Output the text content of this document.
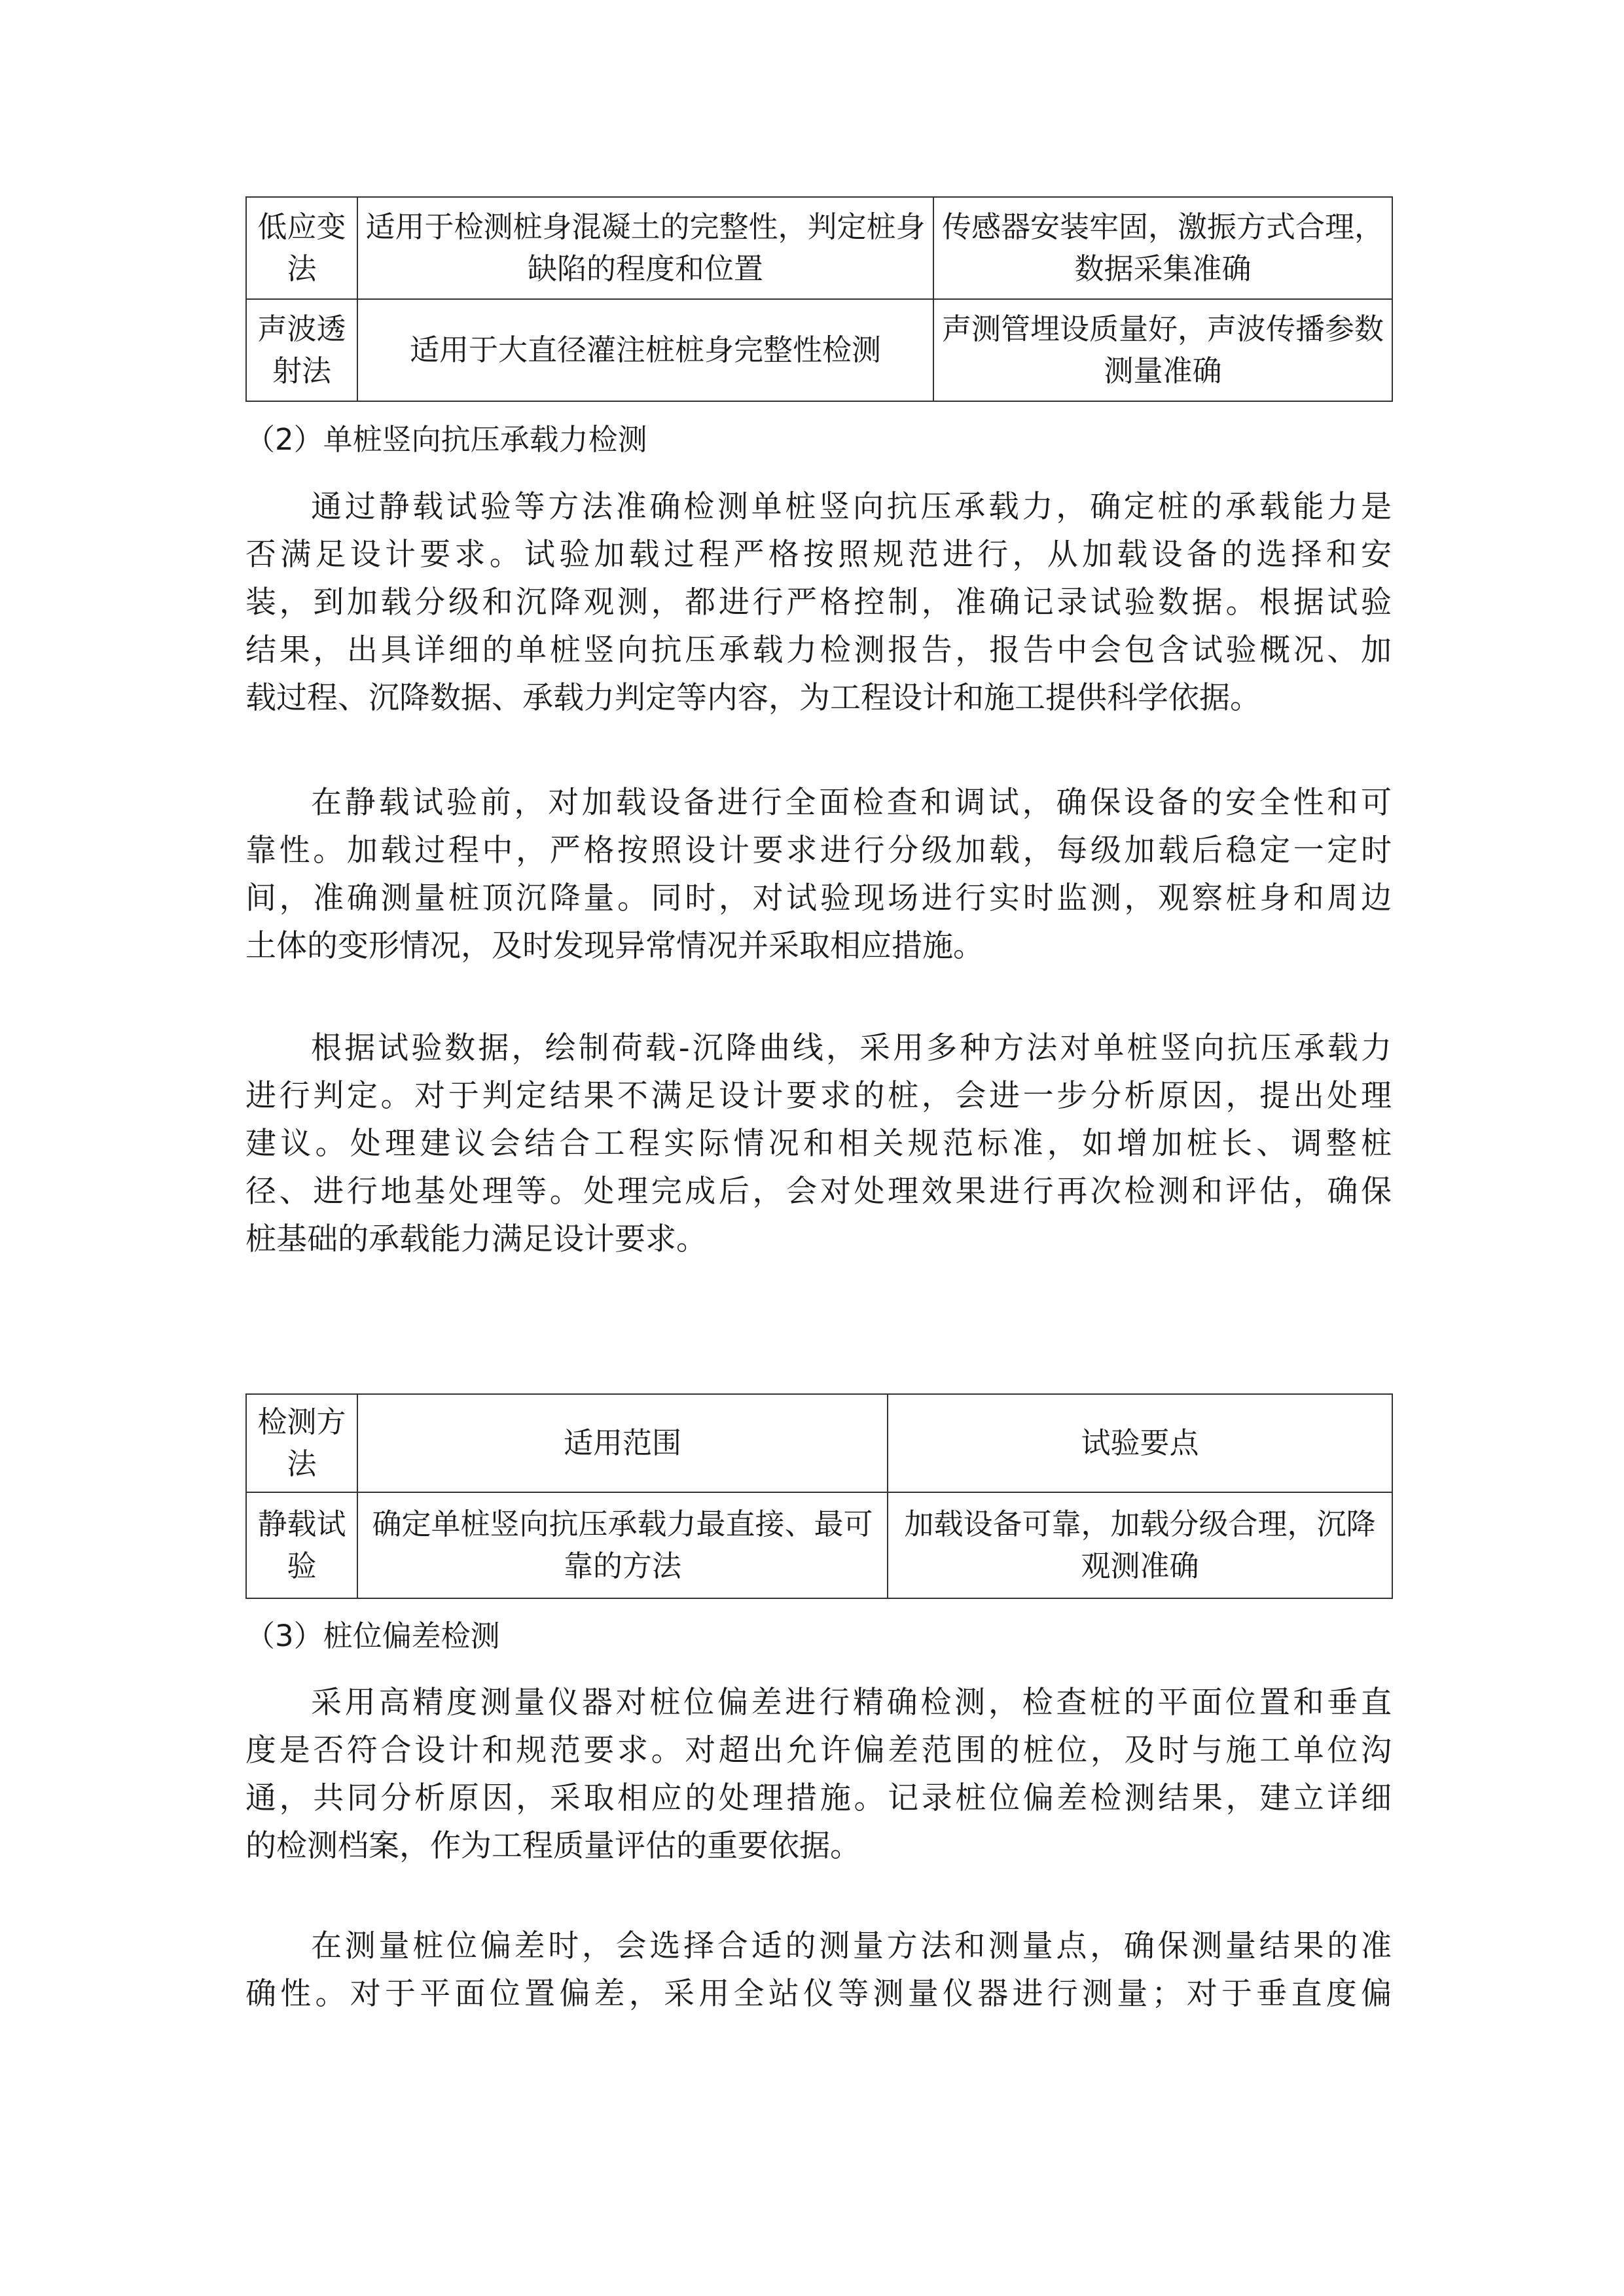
低应变法	适用于检测桩身混凝土的完整性，判定桩身缺陷的程度和位置	传感器安装牢固，激振方式合理，数据采集准确
声波透射法	适用于大直径灌注桩桩身完整性检测	声测管埋设质量好，声波传播参数测量准确
（2）单桩竖向抗压承载力检测
通过静载试验等方法准确检测单桩竖向抗压承载力，确定桩的承载能力是
否满足设计要求。试验加载过程严格按照规范进行，从加载设备的选择和安
装，到加载分级和沉降观测，都进行严格控制，准确记录试验数据。根据试验
结果，出具详细的单桩竖向抗压承载力检测报告，报告中会包含试验概况、加
载过程、沉降数据、承载力判定等内容，为工程设计和施工提供科学依据。
在静载试验前，对加载设备进行全面检查和调试，确保设备的安全性和可
靠性。加载过程中，严格按照设计要求进行分级加载，每级加载后稳定一定时
间，准确测量桩顶沉降量。同时，对试验现场进行实时监测，观察桩身和周边
土体的变形情况，及时发现异常情况并采取相应措施。
根据试验数据，绘制荷载-沉降曲线，采用多种方法对单桩竖向抗压承载力
进行判定。对于判定结果不满足设计要求的桩，会进一步分析原因，提出处理
建议。处理建议会结合工程实际情况和相关规范标准，如增加桩长、调整桩
径、进行地基处理等。处理完成后，会对处理效果进行再次检测和评估，确保
桩基础的承载能力满足设计要求。
检测方法	适用范围	试验要点
静载试验	确定单桩竖向抗压承载力最直接、最可靠的方法	加载设备可靠，加载分级合理，沉降观测准确
（3）桩位偏差检测
采用高精度测量仪器对桩位偏差进行精确检测，检查桩的平面位置和垂直
度是否符合设计和规范要求。对超出允许偏差范围的桩位，及时与施工单位沟
通，共同分析原因，采取相应的处理措施。记录桩位偏差检测结果，建立详细
的检测档案，作为工程质量评估的重要依据。
在测量桩位偏差时，会选择合适的测量方法和测量点，确保测量结果的准
确性。对于平面位置偏差，采用全站仪等测量仪器进行测量；对于垂直度偏
